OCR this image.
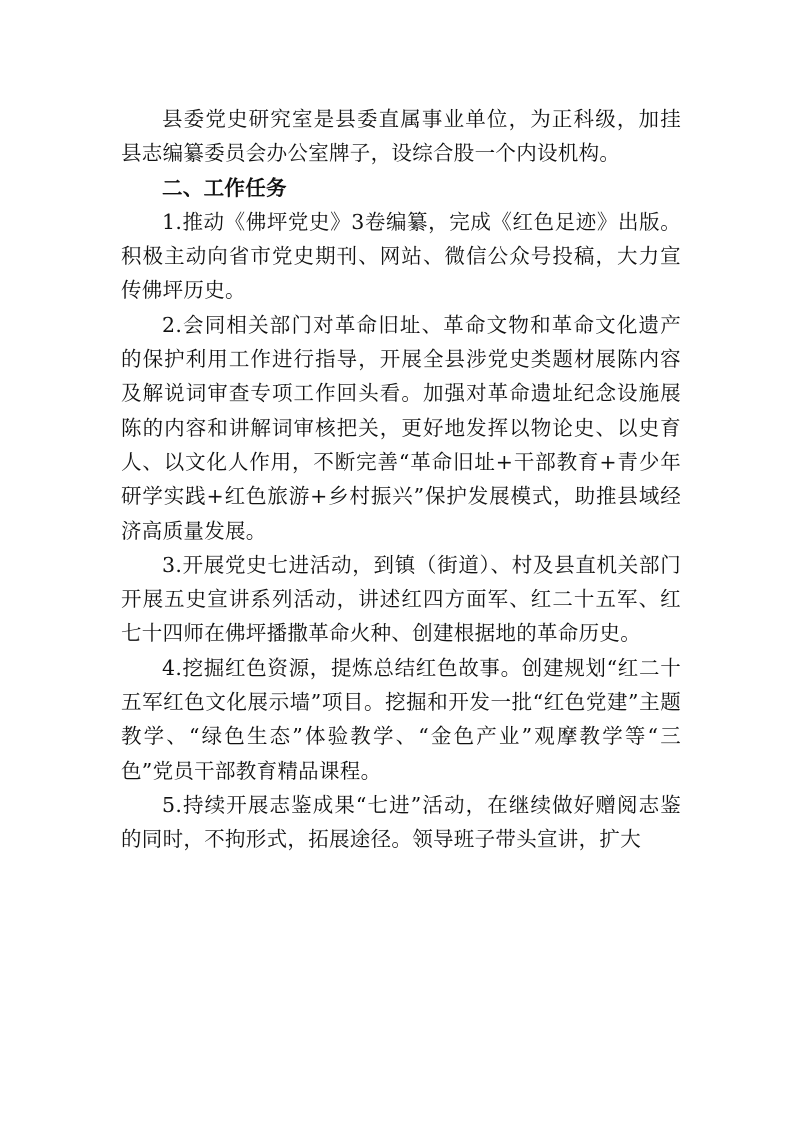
县委党史研究室是县委直属事业单位，为正科级，加挂县志编纂委员会办公室牌子，设综合股一个内设机构。

二、工作任务

1.推动《佛坪党史》3卷编纂，完成《红色足迹》出版。积极主动向省市党史期刊、网站、微信公众号投稿，大力宣传佛坪历史。

2.会同相关部门对革命旧址、革命文物和革命文化遗产的保护利用工作进行指导，开展全县涉党史类题材展陈内容及解说词审查专项工作回头看。加强对革命遗址纪念设施展陈的内容和讲解词审核把关，更好地发挥以物论史、以史育人、以文化人作用，不断完善“革命旧址+干部教育+青少年研学实践+红色旅游+乡村振兴”保护发展模式，助推县域经济高质量发展。

3.开展党史七进活动，到镇（街道）、村及县直机关部门开展五史宣讲系列活动，讲述红四方面军、红二十五军、红七十四师在佛坪播撒革命火种、创建根据地的革命历史。

4.挖掘红色资源，提炼总结红色故事。创建规划“红二十五军红色文化展示墙”项目。挖掘和开发一批“红色党建”主题教学、“绿色生态”体验教学、“金色产业”观摩教学等“三色”党员干部教育精品课程。

5.持续开展志鉴成果“七进”活动，在继续做好赠阅志鉴的同时，不拘形式，拓展途径。领导班子带头宣讲，扩大
